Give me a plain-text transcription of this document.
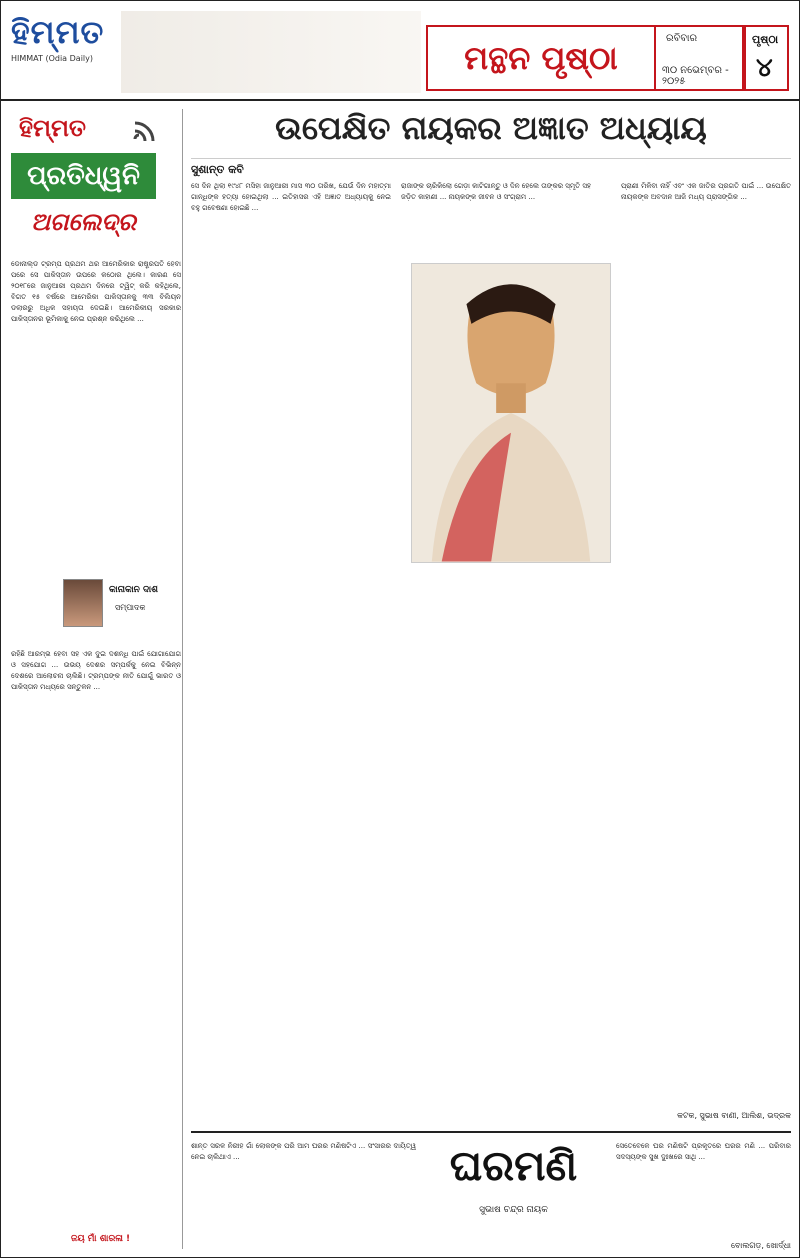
ହିମ୍ମତ
HIMMAT (Odia Daily)	ମନ୍ଥନ ପୃଷ୍ଠା	ରବିବାର
୩୦ ନଭେମ୍ବର - ୨୦୨୫
ପୃଷ୍ଠା
୪
ହିମ୍ମତ
ପ୍ରତିଧ୍ୱନି
ଅଗଲେଦ୍ର
ଡୋନାଲ୍ଡ ଟ୍ରମ୍ପ ପ୍ରଥମ ଥର ଆମେରିକାର ରାଷ୍ଟ୍ରପତି ହେବା ପରେ ସେ ପାକିସ୍ତାନ ଉପରେ କଠୋର ଥିଲେ। କାରଣ ସେ ୨୦୧୮ରେ ଜାନୁଆରୀ ପ୍ରଥମ ଦିନରେ ଟ୍ୱିଟ୍ କରି କହିଥିଲେ, ବିଗତ ୧୫ ବର୍ଷରେ ଆମେରିକା ପାକିସ୍ତାନକୁ ୩୩ ବିଲିୟନ ଡଲାରରୁ ଅଧିକ ସହାୟତା ଦେଇଛି। ଆମେରିକୀୟ ସରକାର ପାକିସ୍ତାନର ଭୂମିକାକୁ ନେଇ ପ୍ରଶ୍ନ କରିଥିଲେ ...
କାନାକାନ ଦାଶ
ସମ୍ପାଦକ
ରହିଛି ଆରମ୍ଭ ହେବା ସହ ଏକ ଦୁଇ ଦଶନ୍ଧି ପାଇଁ ଯୋଗାଯୋଗ ଓ ସହଯୋଗ ... ଉଭୟ ଦେଶର ସମ୍ପର୍କକୁ ନେଇ ବିଭିନ୍ନ ଦେଶରେ ଆଲୋଚନା ଚାଲିଛି। ଟ୍ରମ୍ପଙ୍କ ନୀତି ଯୋଗୁଁ ଭାରତ ଓ ପାକିସ୍ତାନ ମଧ୍ୟରେ ସନ୍ତୁଳନ ...
ଜୟ ମାଁ ଶାରଳା !
ଉପେକ୍ଷିତ ନାୟକର ଅଜ୍ଞାତ ଅଧ୍ୟାୟ
ସୁଶାନ୍ତ କବି
ସେ ଦିନ ଥିଲା ୧୯୪୮ ମସିହା ଜାନୁଆରୀ ମାସ ୩୦ ତାରିଖ, ଯେଉଁ ଦିନ ମହାତ୍ମା ଗାନ୍ଧିଙ୍କ ହତ୍ୟା ହୋଇଥିଲା ... ଇତିହାସର ଏହି ଅଜ୍ଞାତ ଅଧ୍ୟାୟକୁ ନେଇ ବହୁ ଗବେଷଣା ହୋଇଛି ...
ରାଜାଙ୍କ ଚାରିକିଲୋ ଗେଡ଼ା କାଟିଗାନ୍ତୁ ଓ ଦିନ ହେଲେ ତାଙ୍କର ସ୍ମୃତି ସହ ଜଡ଼ିତ କାହାଣୀ ... ନାୟକଙ୍କ ଜୀବନ ଓ ସଂଗ୍ରାମ ...
ପ୍ରାଣୀ ମିଳିବା ନାହିଁ ଏବଂ ଏକ ଜାତିର ପ୍ରଗତି ପାଇଁ ... ଉପେକ୍ଷିତ ନାୟକଙ୍କ ଅବଦାନ ଆଜି ମଧ୍ୟ ପ୍ରାସଙ୍ଗିକ ...
କଟକ, ସୁଭାଷ ବାଣୀ, ଆଲିଶ, ଭଦ୍ରକ
ଶାନ୍ତ ସରଳ ନିରୀହ ଗାଁ ଲୋକଙ୍କ ପରି ଆମ ଘରର ମଣିଷଟିଏ ... ସଂସାରର ଦାୟିତ୍ୱ ନେଇ ଚାଲିଥାଏ ...	ଘରମଣି
ସୁଭାଷ ଚନ୍ଦ୍ର ନାୟକ
ସେତେବେଳେ ଘର ମଣିଷଟି ପ୍ରକୃତରେ ଘରର ମଣି ... ପରିବାର ସଦସ୍ୟଙ୍କ ସୁଖ ଦୁଃଖରେ ସାଥି ...
ବୋଲଗଡ଼, ଖୋର୍ଦ୍ଧା
